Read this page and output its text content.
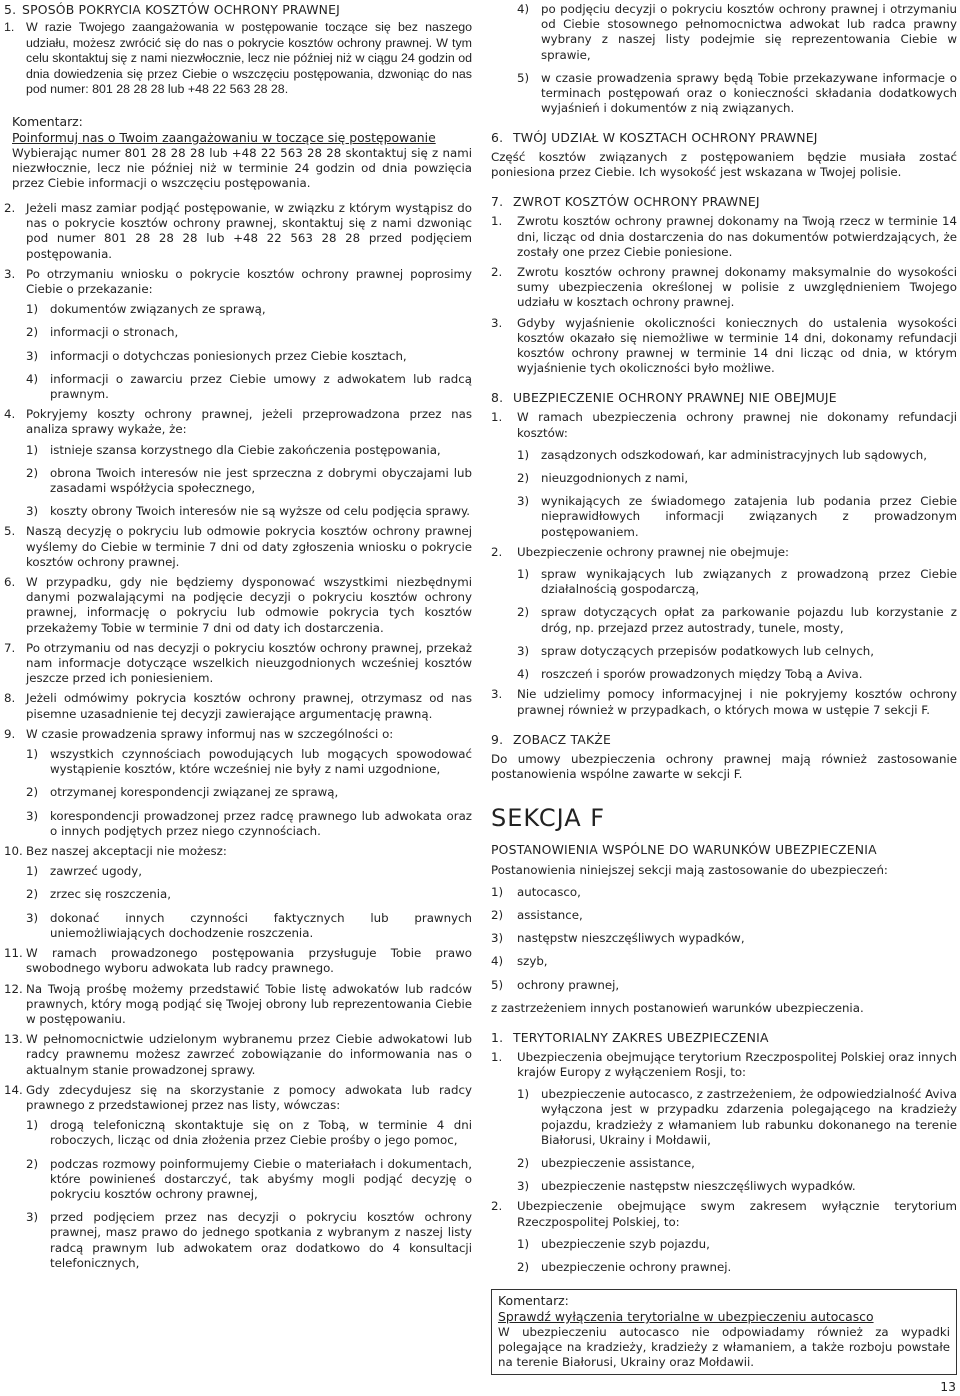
5. SPOSÓB POKRYCIA KOSZTÓW OCHRONY PRAWNEJ
1. W razie Twojego zaangażowania w postępowanie toczące się bez naszego udziału, możesz zwrócić się do nas o pokrycie kosztów ochrony prawnej. W tym celu skontaktuj się z nami niezwłocznie, lecz nie później niż w ciągu 24 godzin od dnia dowiedzenia się przez Ciebie o wszczęciu postępowania, dzwoniąc do nas pod numer: 801 28 28 28 lub +48 22 563 28 28.
Komentarz:
Poinformuj nas o Twoim zaangażowaniu w toczące się postępowanie
Wybierając numer 801 28 28 28 lub +48 22 563 28 28 skontaktuj się z nami niezwłocznie, lecz nie później niż w terminie 24 godzin od dnia powzięcia przez Ciebie informacji o wszczęciu postępowania.
2. Jeżeli masz zamiar podjąć postępowanie, w związku z którym wystąpisz do nas o pokrycie kosztów ochrony prawnej, skontaktuj się z nami dzwoniąc pod numer 801 28 28 28 lub +48 22 563 28 28 przed podjęciem postępowania.
3. Po otrzymaniu wniosku o pokrycie kosztów ochrony prawnej poprosimy Ciebie o przekazanie:
1) dokumentów związanych ze sprawą,
2) informacji o stronach,
3) informacji o dotychczas poniesionych przez Ciebie kosztach,
4) informacji o zawarciu przez Ciebie umowy z adwokatem lub radcą prawnym.
4. Pokryjemy koszty ochrony prawnej, jeżeli przeprowadzona przez nas analiza sprawy wykaże, że:
1) istnieje szansa korzystnego dla Ciebie zakończenia postępowania,
2) obrona Twoich interesów nie jest sprzeczna z dobrymi obyczajami lub zasadami współżycia społecznego,
3) koszty obrony Twoich interesów nie są wyższe od celu podjęcia sprawy.
5. Naszą decyzję o pokryciu lub odmowie pokrycia kosztów ochrony prawnej wyślemy do Ciebie w terminie 7 dni od daty zgłoszenia wniosku o pokrycie kosztów ochrony prawnej.
6. W przypadku, gdy nie będziemy dysponować wszystkimi niezbędnymi danymi pozwalającymi na podjęcie decyzji o pokryciu kosztów ochrony prawnej, informację o pokryciu lub odmowie pokrycia tych kosztów przekażemy Tobie w terminie 7 dni od daty ich dostarczenia.
7. Po otrzymaniu od nas decyzji o pokryciu kosztów ochrony prawnej, przekaż nam informacje dotyczące wszelkich nieuzgodnionych wcześniej kosztów jeszcze przed ich poniesieniem.
8. Jeżeli odmówimy pokrycia kosztów ochrony prawnej, otrzymasz od nas pisemne uzasadnienie tej decyzji zawierające argumentację prawną.
9. W czasie prowadzenia sprawy informuj nas w szczególności o:
1) wszystkich czynnościach powodujących lub mogących spowodować wystąpienie kosztów, które wcześniej nie były z nami uzgodnione,
2) otrzymanej korespondencji związanej ze sprawą,
3) korespondencji prowadzonej przez radcę prawnego lub adwokata oraz o innych podjętych przez niego czynnościach.
10. Bez naszej akceptacji nie możesz:
1) zawrzeć ugody,
2) zrzec się roszczenia,
3) dokonać innych czynności faktycznych lub prawnych uniemożliwiających dochodzenie roszczenia.
11. W ramach prowadzonego postępowania przysługuje Tobie prawo swobodnego wyboru adwokata lub radcy prawnego.
12. Na Twoją prośbę możemy przedstawić Tobie listę adwokatów lub radców prawnych, który mogą podjąć się Twojej obrony lub reprezentowania Ciebie w postępowaniu.
13. W pełnomocnictwie udzielonym wybranemu przez Ciebie adwokatowi lub radcy prawnemu możesz zawrzeć zobowiązanie do informowania nas o aktualnym stanie prowadzonej sprawy.
14. Gdy zdecydujesz się na skorzystanie z pomocy adwokata lub radcy prawnego z przedstawionej przez nas listy, wówczas:
1) drogą telefoniczną skontaktuje się on z Tobą, w terminie 4 dni roboczych, licząc od dnia złożenia przez Ciebie prośby o jego pomoc,
2) podczas rozmowy poinformujemy Ciebie o materiałach i dokumentach, które powinieneś dostarczyć, tak abyśmy mogli podjąć decyzję o pokryciu kosztów ochrony prawnej,
3) przed podjęciem przez nas decyzji o pokryciu kosztów ochrony prawnej, masz prawo do jednego spotkania z wybranym z naszej listy radcą prawnym lub adwokatem oraz dodatkowo do 4 konsultacji telefonicznych,
4) po podjęciu decyzji o pokryciu kosztów ochrony prawnej i otrzymaniu od Ciebie stosownego pełnomocnictwa adwokat lub radca prawny wybrany z naszej listy podejmie się reprezentowania Ciebie w sprawie,
5) w czasie prowadzenia sprawy będą Tobie przekazywane informacje o terminach postępowań oraz o konieczności składania dodatkowych wyjaśnień i dokumentów z nią związanych.
6. TWÓJ UDZIAŁ W KOSZTACH OCHRONY PRAWNEJ
Część kosztów związanych z postępowaniem będzie musiała zostać poniesiona przez Ciebie. Ich wysokość jest wskazana w Twojej polisie.
7. ZWROT KOSZTÓW OCHRONY PRAWNEJ
1. Zwrotu kosztów ochrony prawnej dokonamy na Twoją rzecz w terminie 14 dni, licząc od dnia dostarczenia do nas dokumentów potwierdzających, że zostały one przez Ciebie poniesione.
2. Zwrotu kosztów ochrony prawnej dokonamy maksymalnie do wysokości sumy ubezpieczenia określonej w polisie z uwzględnieniem Twojego udziału w kosztach ochrony prawnej.
3. Gdyby wyjaśnienie okoliczności koniecznych do ustalenia wysokości kosztów okazało się niemożliwe w terminie 14 dni, dokonamy refundacji kosztów ochrony prawnej w terminie 14 dni licząc od dnia, w którym wyjaśnienie tych okoliczności było możliwe.
8. UBEZPIECZENIE OCHRONY PRAWNEJ NIE OBEJMUJE
1. W ramach ubezpieczenia ochrony prawnej nie dokonamy refundacji kosztów:
1) zasądzonych odszkodowań, kar administracyjnych lub sądowych,
2) nieuzgodnionych z nami,
3) wynikających ze świadomego zatajenia lub podania przez Ciebie nieprawidłowych informacji związanych z prowadzonym postępowaniem.
2. Ubezpieczenie ochrony prawnej nie obejmuje:
1) spraw wynikających lub związanych z prowadzoną przez Ciebie działalnością gospodarczą,
2) spraw dotyczących opłat za parkowanie pojazdu lub korzystanie z dróg, np. przejazd przez autostrady, tunele, mosty,
3) spraw dotyczących przepisów podatkowych lub celnych,
4) roszczeń i sporów prowadzonych między Tobą a Aviva.
3. Nie udzielimy pomocy informacyjnej i nie pokryjemy kosztów ochrony prawnej również w przypadkach, o których mowa w ustępie 7 sekcji F.
9. ZOBACZ TAKŻE
Do umowy ubezpieczenia ochrony prawnej mają również zastosowanie postanowienia wspólne zawarte w sekcji F.
SEKCJA F
POSTANOWIENIA WSPÓLNE DO WARUNKÓW UBEZPIECZENIA
Postanowienia niniejszej sekcji mają zastosowanie do ubezpieczeń:
1) autocasco,
2) assistance,
3) następstw nieszczęśliwych wypadków,
4) szyb,
5) ochrony prawnej,
z zastrzeżeniem innych postanowień warunków ubezpieczenia.
1. TERYTORIALNY ZAKRES UBEZPIECZENIA
1. Ubezpieczenia obejmujące terytorium Rzeczpospolitej Polskiej oraz innych krajów Europy z wyłączeniem Rosji, to:
1) ubezpieczenie autocasco, z zastrzeżeniem, że odpowiedzialność Aviva wyłączona jest w przypadku zdarzenia polegającego na kradzieży pojazdu, kradzieży z włamaniem lub rabunku dokonanego na terenie Białorusi, Ukrainy i Mołdawii,
2) ubezpieczenie assistance,
3) ubezpieczenie następstw nieszczęśliwych wypadków.
2. Ubezpieczenie obejmujące swym zakresem wyłącznie terytorium Rzeczpospolitej Polskiej, to:
1) ubezpieczenie szyb pojazdu,
2) ubezpieczenie ochrony prawnej.
Komentarz:
Sprawdź wyłączenia terytorialne w ubezpieczeniu autocasco
W ubezpieczeniu autocasco nie odpowiadamy również za wypadki polegające na kradzieży, kradzieży z włamaniem, a także rozboju powstałe na terenie Białorusi, Ukrainy oraz Mołdawii.
13
